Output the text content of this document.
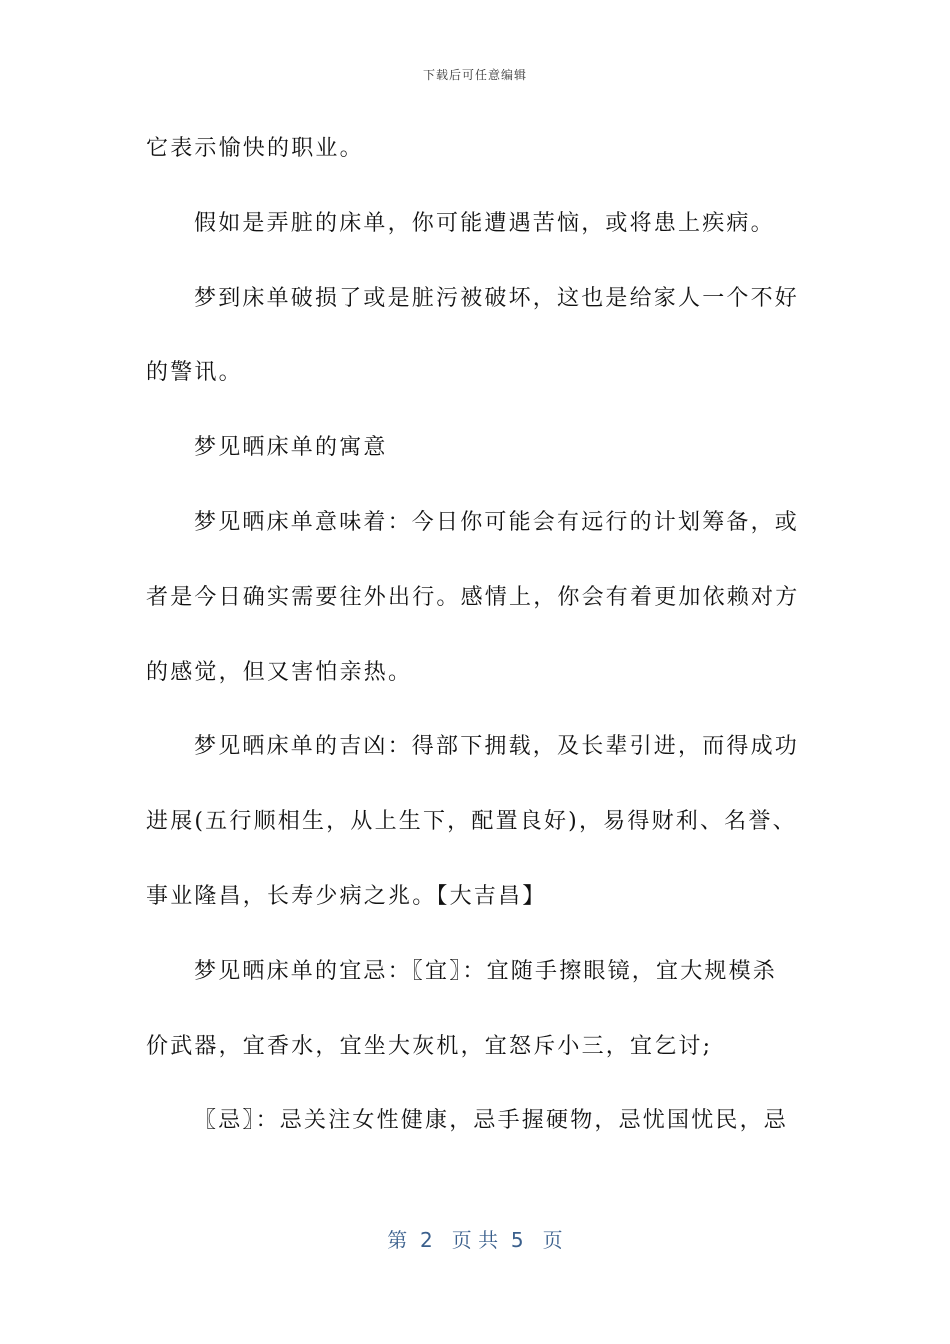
下载后可任意编辑
它表示愉快的职业。
假如是弄脏的床单，你可能遭遇苦恼，或将患上疾病。
梦到床单破损了或是脏污被破坏，这也是给家人一个不好
的警讯。
梦见晒床单的寓意
梦见晒床单意味着：今日你可能会有远行的计划筹备，或
者是今日确实需要往外出行。感情上，你会有着更加依赖对方
的感觉，但又害怕亲热。
梦见晒床单的吉凶：得部下拥载，及长辈引进，而得成功
进展(五行顺相生，从上生下，配置良好)，易得财利、名誉、
事业隆昌，长寿少病之兆。【大吉昌】
梦见晒床单的宜忌：〖宜〗：宜随手擦眼镜，宜大规模杀
价武器，宜香水，宜坐大灰机，宜怒斥小三，宜乞讨;
〖忌〗：忌关注女性健康，忌手握硬物，忌忧国忧民，忌
第  2   页 共  5   页
